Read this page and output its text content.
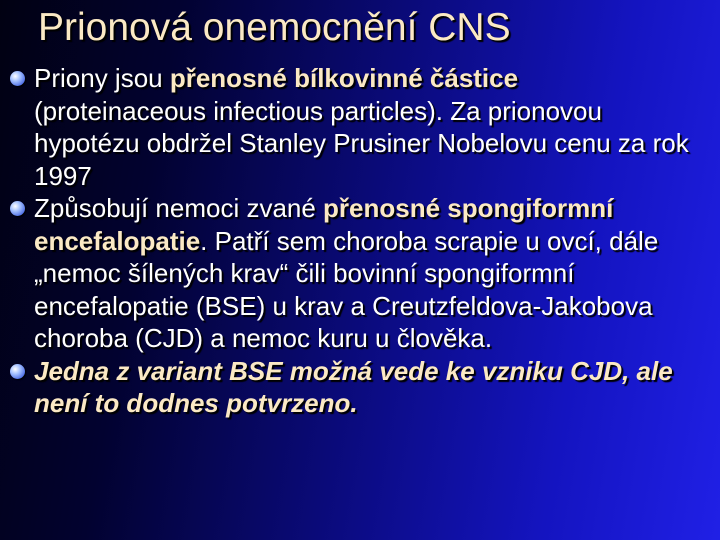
Prionová onemocnění CNS
Priony jsou přenosné bílkovinné částice (proteinaceous infectious particles). Za prionovou hypotézu obdržel Stanley Prusiner Nobelovu cenu za rok 1997
Způsobují nemoci zvané přenosné spongiformní encefalopatie. Patří sem choroba scrapie u ovcí, dále „nemoc šílených krav“ čili bovinní spongiformní encefalopatie (BSE) u krav a Creutzfeldova-Jakobova choroba (CJD) a nemoc kuru u člověka.
Jedna z variant BSE možná vede ke vzniku CJD, ale není to dodnes potvrzeno.
